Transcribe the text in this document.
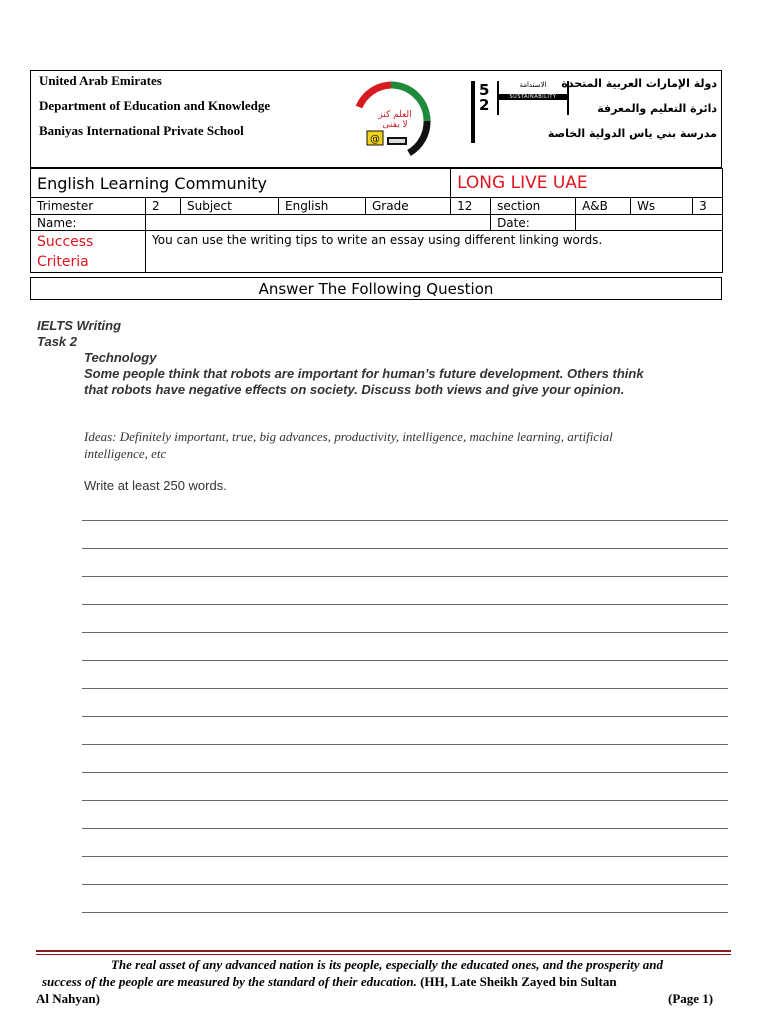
United Arab Emirates
Department of Education and Knowledge
Baniyas International Private School
العلم كنز
لا يفنى
@
5
2
الاستدامة
SUSTAINABILITY
دولة الإمارات العربية المتحدة
دائرة التعليم والمعرفة
مدرسة بني ياس الدولية الخاصة
English Learning Community					LONG LIVE UAE				
Trimester	2	Subject	English	Grade	12	section	A&B	Ws	3
Name:						Date:			

Success
Criteria	You can use the writing tips to write an essay using different linking words.								
Answer The Following Question
IELTS Writing
Task 2
Technology
Some people think that robots are important for human’s future development. Others think
that robots have negative effects on society. Discuss both views and give your opinion.
Ideas: Definitely important, true, big advances, productivity, intelligence, machine learning, artificial
intelligence, etc
Write at least 250 words.
The real asset of any advanced nation is its people, especially the educated ones, and the prosperity and
success of the people are measured by the standard of their education. (HH, Late Sheikh Zayed bin Sultan
Al Nahyan)	(Page 1)
